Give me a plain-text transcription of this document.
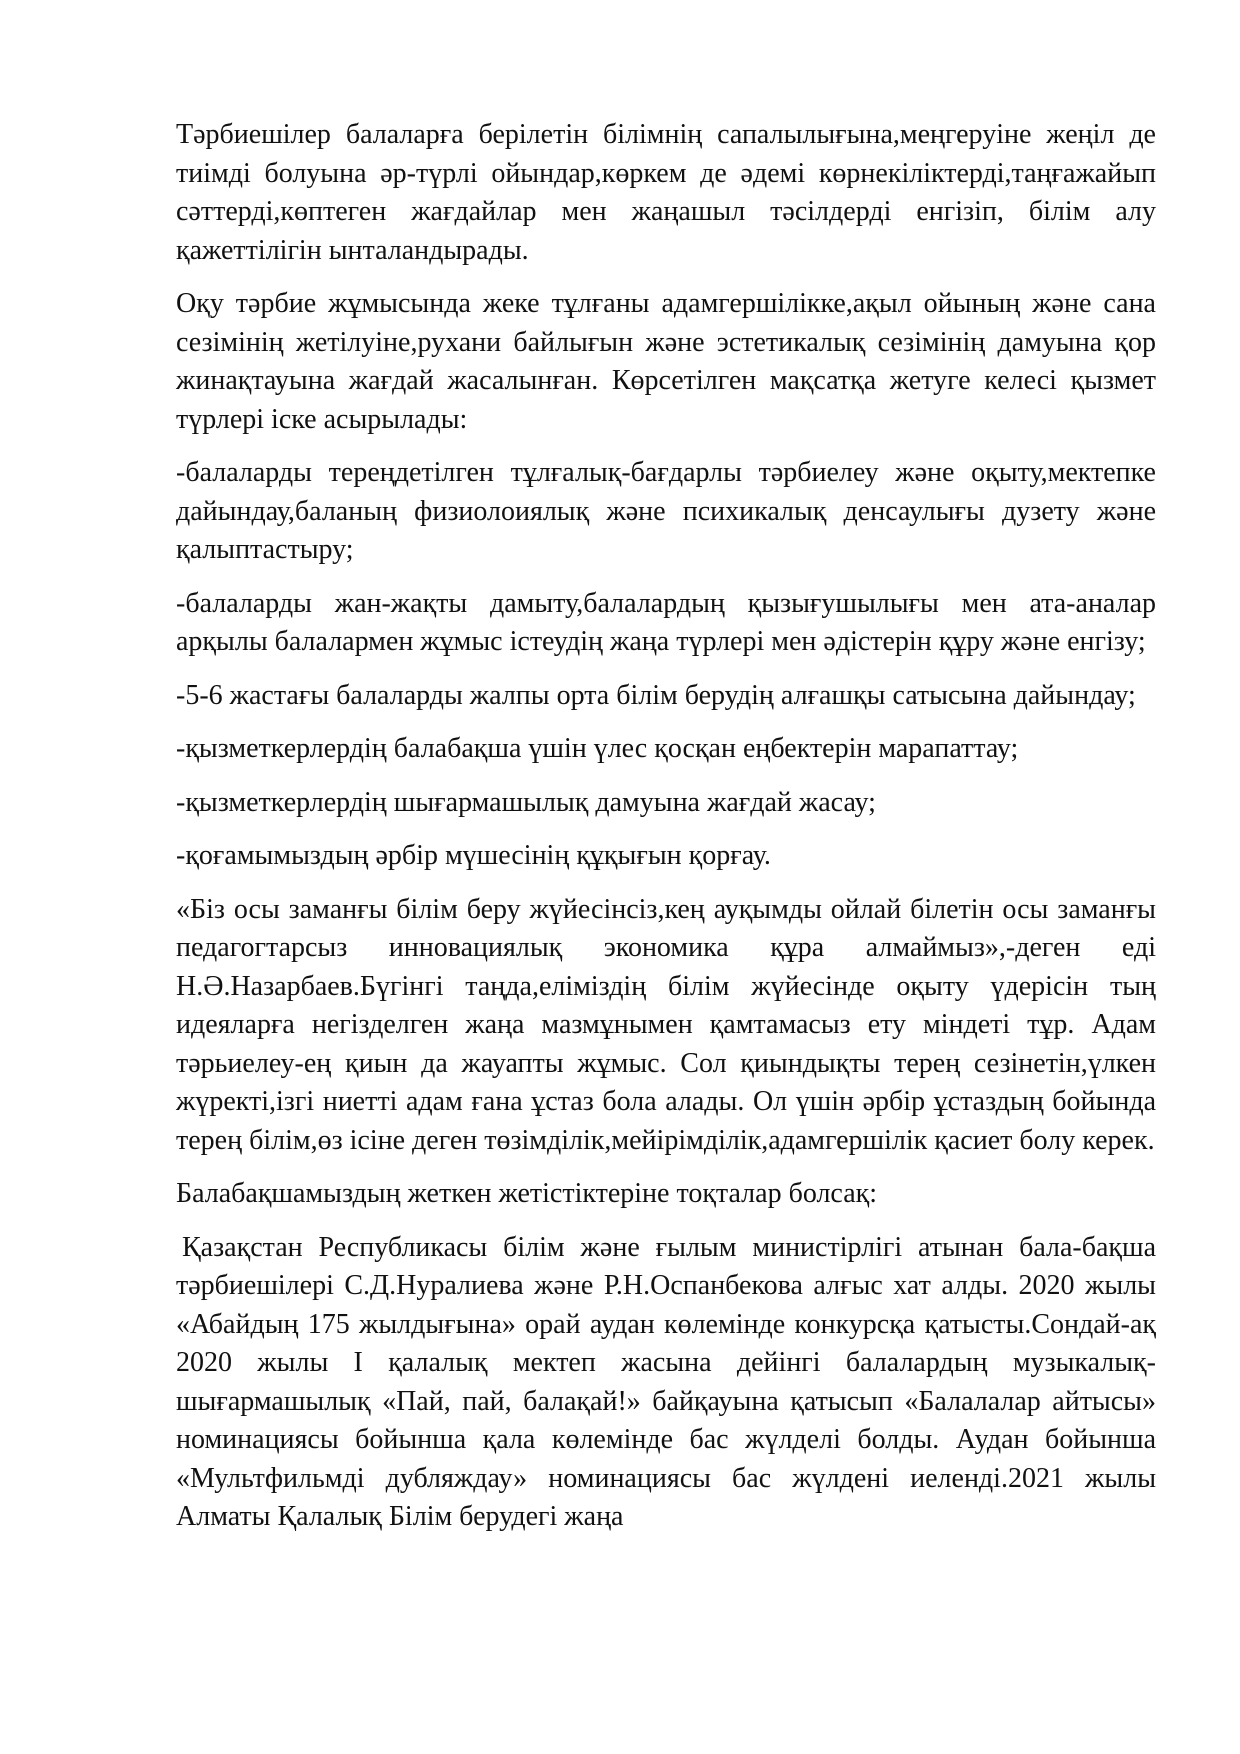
Тәрбиешілер балаларға берілетін білімнің сапалылығына,меңгеруіне жеңіл де тиімді болуына әр-түрлі ойындар,көркем де әдемі көрнекіліктерді,таңғажайып сәттерді,көптеген жағдайлар мен жаңашыл тәсілдерді енгізіп, білім алу қажеттілігін ынталандырады.

Оқу тәрбие жұмысында жеке тұлғаны адамгершілікке,ақыл ойының және сана сезімінің жетілуіне,рухани байлығын және эстетикалық сезімінің дамуына қор жинақтауына жағдай жасалынған. Көрсетілген мақсатқа жетуге келесі қызмет түрлері іске асырылады:

-балаларды тереңдетілген тұлғалық-бағдарлы тәрбиелеу және оқыту,мектепке дайындау,баланың физиолоиялық және психикалық денсаулығы дузету және қалыптастыру;

-балаларды жан-жақты дамыту,балалардың қызығушылығы мен ата-аналар арқылы балалармен жұмыс істеудің жаңа түрлері мен әдістерін құру және енгізу;

-5-6 жастағы балаларды жалпы орта білім берудің алғашқы сатысына дайындау;

-қызметкерлердің балабақша үшін үлес қосқан еңбектерін марапаттау;

-қызметкерлердің шығармашылық дамуына жағдай жасау;

-қоғамымыздың әрбір мүшесінің құқығын қорғау.

«Біз осы заманғы білім беру жүйесінсіз,кең ауқымды ойлай білетін осы заманғы педагогтарсыз инновациялық экономика құра алмаймыз»,-деген еді Н.Ә.Назарбаев.Бүгінгі таңда,еліміздің білім жүйесінде оқыту үдерісін тың идеяларға негізделген жаңа мазмұнымен қамтамасыз ету міндеті тұр. Адам тәрьиелеу-ең қиын да жауапты жұмыс. Сол қиындықты терең сезінетін,үлкен жүректі,ізгі ниетті адам ғана ұстаз бола алады. Ол үшін әрбір ұстаздың бойында терең білім,өз ісіне деген төзімділік,мейірімділік,адамгершілік қасиет болу керек.

Балабақшамыздың жеткен жетістіктеріне тоқталар болсақ:

Қазақстан Республикасы білім және ғылым министірлігі атынан бала-бақша тәрбиешілері С.Д.Нуралиева және Р.Н.Оспанбекова алғыс хат алды. 2020 жылы «Абайдың 175 жылдығына» орай аудан көлемінде конкурсқа қатысты.Сондай-ақ 2020 жылы І қалалық мектеп жасына дейінгі балалардың музыкалық-шығармашылық «Пай, пай, балақай!» байқауына қатысып «Балалалар айтысы» номинациясы бойынша қала көлемінде бас жүлделі болды. Аудан бойынша «Мультфильмді дубляждау» номинациясы бас жүлдені иеленді.2021 жылы Алматы Қалалық Білім берудегі жаңа
